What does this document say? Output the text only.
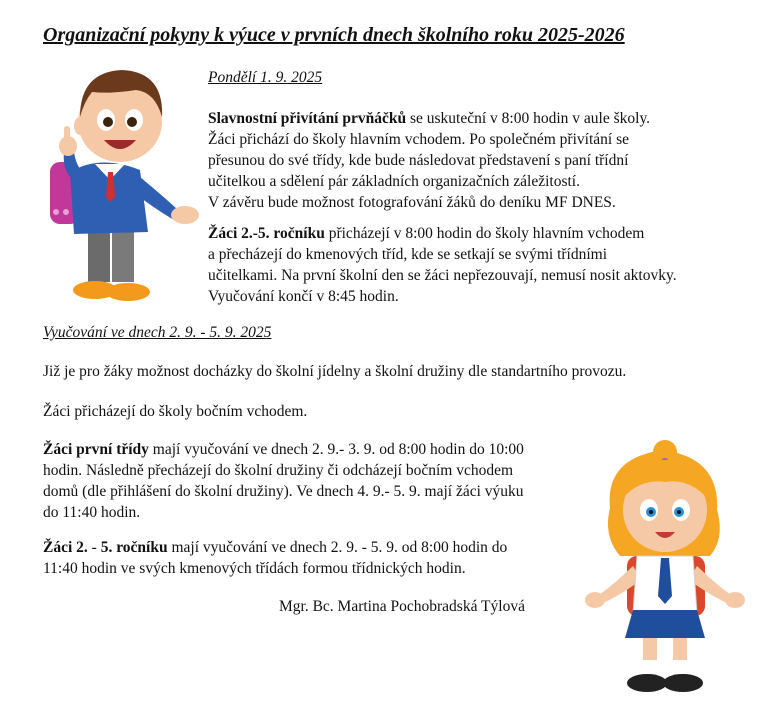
Organizační pokyny k výuce v prvních dnech školního roku 2025-2026
Pondělí 1. 9. 2025
Slavnostní přivítání prvňáčků se uskuteční v 8:00 hodin v aule školy.
Žáci přichází do školy hlavním vchodem. Po společném přivítání se
přesunou do své třídy, kde bude následovat představení s paní třídní
učitelkou a sdělení pár základních organizačních záležitostí.
V závěru bude možnost fotografování žáků do deníku MF DNES.
Žáci 2.-5. ročníku přicházejí v 8:00 hodin do školy hlavním vchodem
a přecházejí do kmenových tříd, kde se setkají se svými třídními
učitelkami. Na první školní den se žáci nepřezouvají, nemusí nosit aktovky.
Vyučování končí v 8:45 hodin.
Vyučování ve dnech 2. 9. - 5. 9. 2025
Již je pro žáky možnost docházky do školní jídelny a školní družiny dle standartního provozu.
Žáci přicházejí do školy bočním vchodem.
Žáci první třídy mají vyučování ve dnech 2. 9.- 3. 9. od 8:00 hodin do 10:00
hodin. Následně přecházejí do školní družiny či odcházejí bočním vchodem
domů (dle přihlášení do školní družiny). Ve dnech 4. 9.- 5. 9. mají žáci výuku
do 11:40 hodin.
Žáci 2. - 5. ročníku mají vyučování ve dnech 2. 9. - 5. 9. od 8:00 hodin do
11:40 hodin ve svých kmenových třídách formou třídnických hodin.
Mgr. Bc. Martina Pochobradská Týlová
